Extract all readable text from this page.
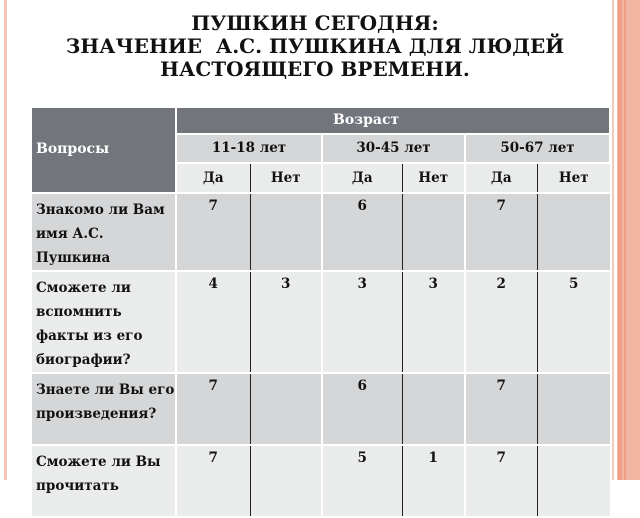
ПУШКИН СЕГОДНЯ:
ЗНАЧЕНИЕ  А.С. ПУШКИНА ДЛЯ ЛЮДЕЙ
НАСТОЯЩЕГО ВРЕМЕНИ.
Вопросы	Возраст					
	11-18 лет		30-45 лет		50-67 лет	
	Да	Нет	Да	Нет	Да	Нет
Знакомо ли Вам имя А.С. Пушкина	7		6		7	
Сможете ли вспомнить факты из его биографии?	4	3	3	3	2	5
Знаете ли Вы его произведения?	7		6		7	
Сможете ли Вы прочитать	7		5	1	7	
